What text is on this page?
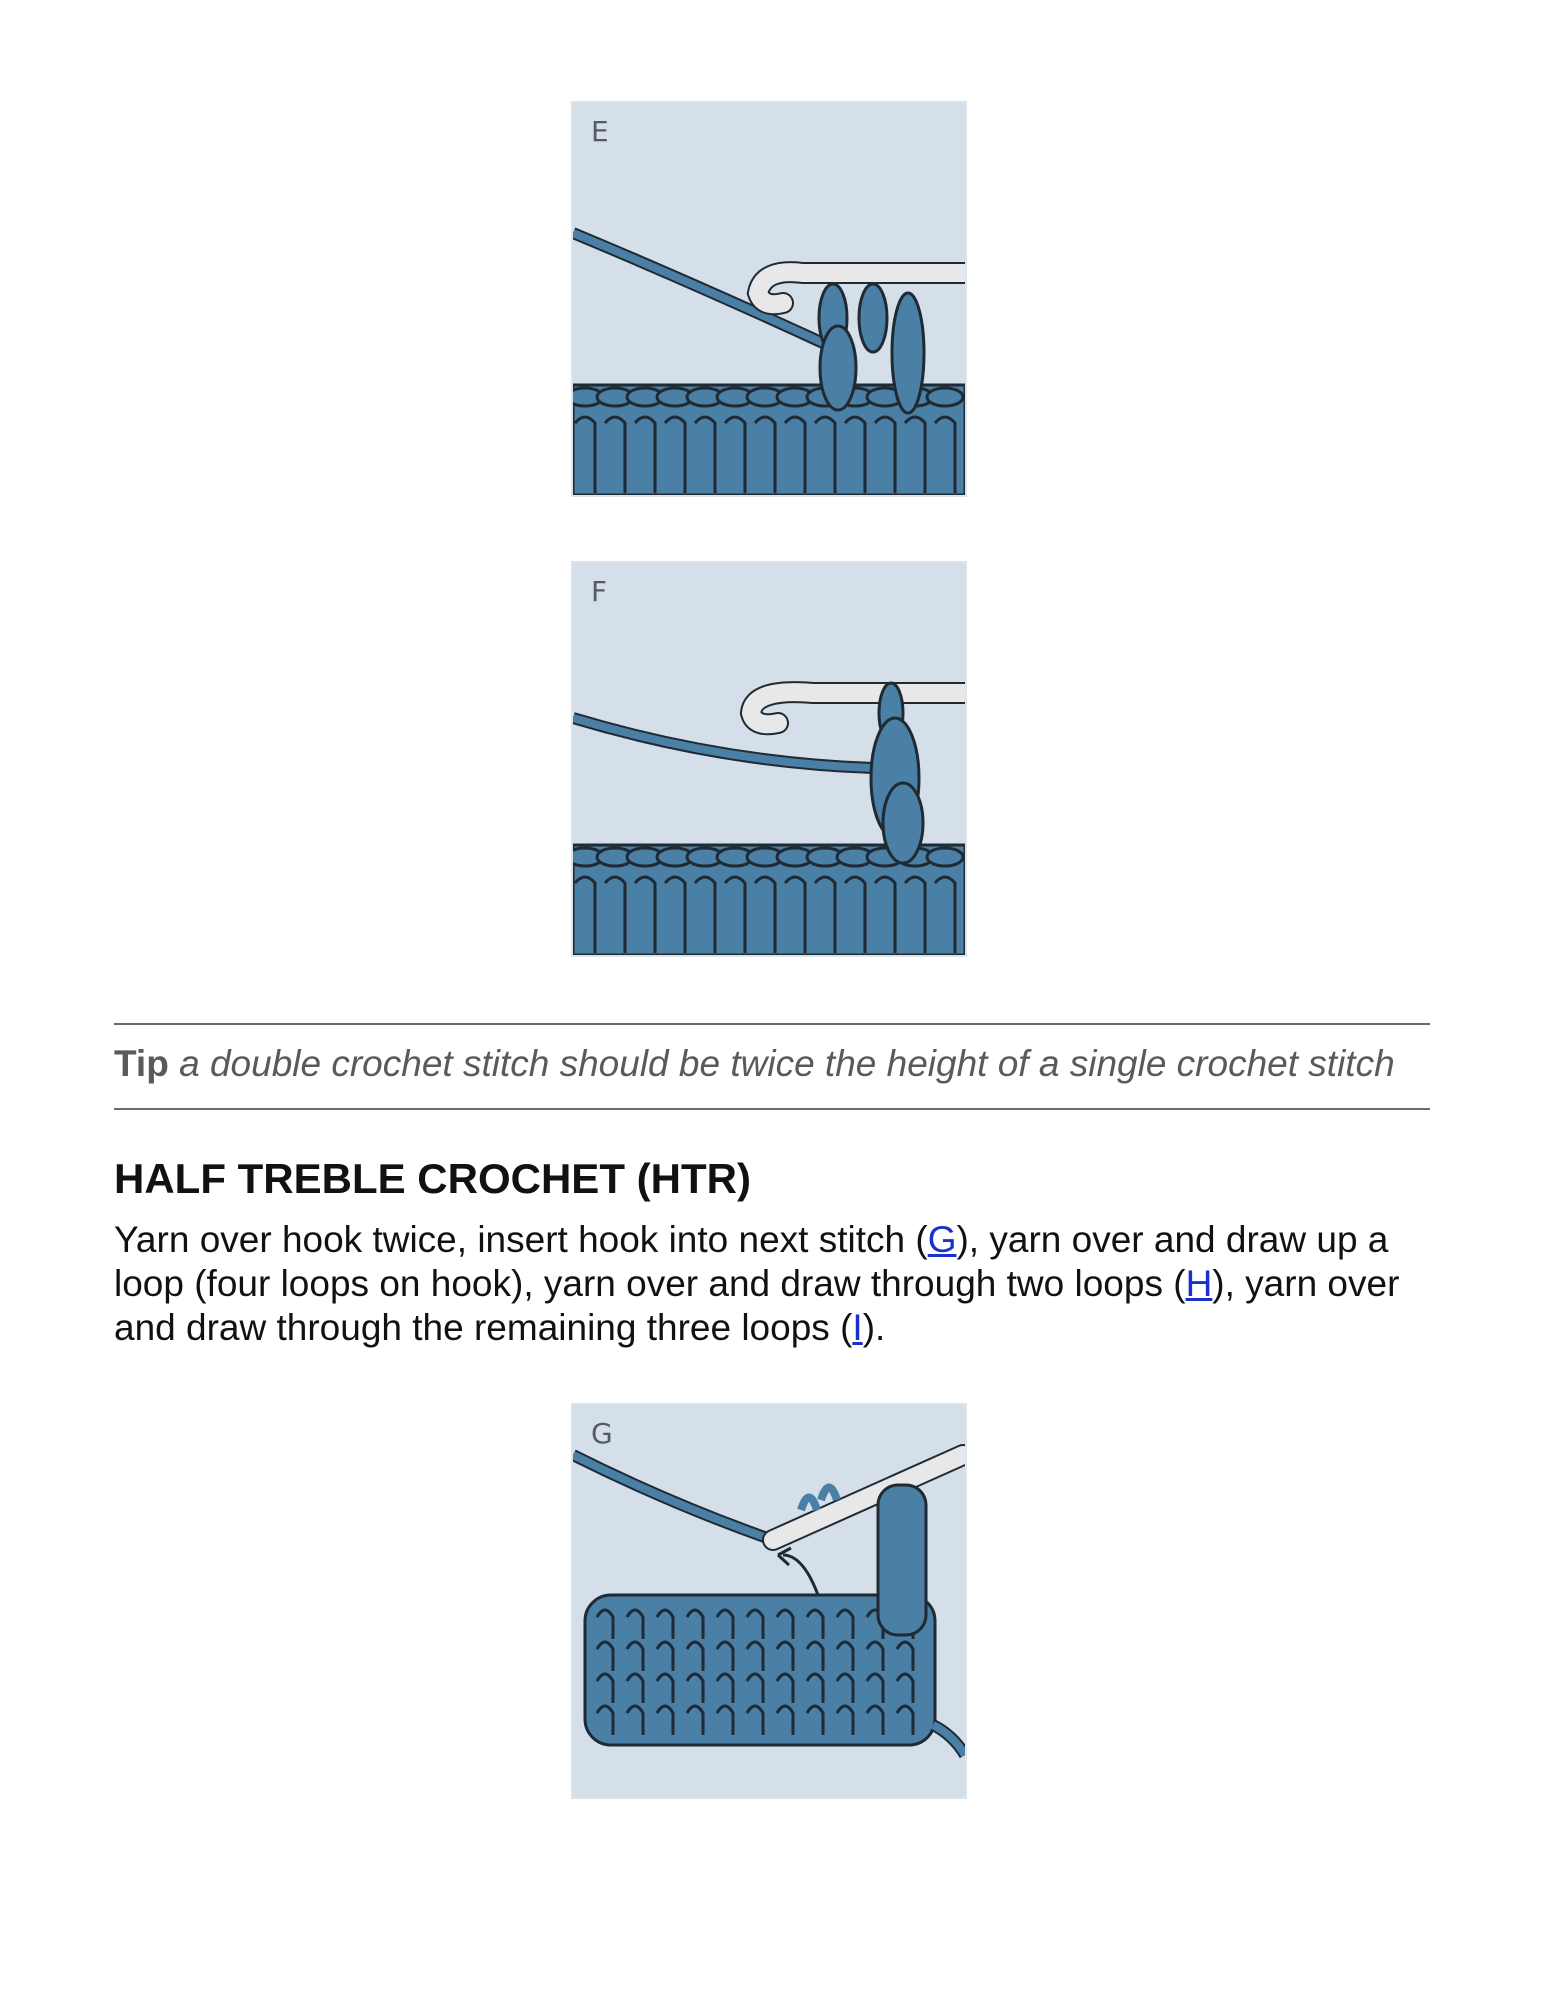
E
F
Tip a double crochet stitch should be twice the height of a single crochet stitch
HALF TREBLE CROCHET (HTR)

Yarn over hook twice, insert hook into next stitch (G), yarn over and draw up a loop (four loops on hook), yarn over and draw through two loops (H), yarn over and draw through the remaining three loops (I).

G
